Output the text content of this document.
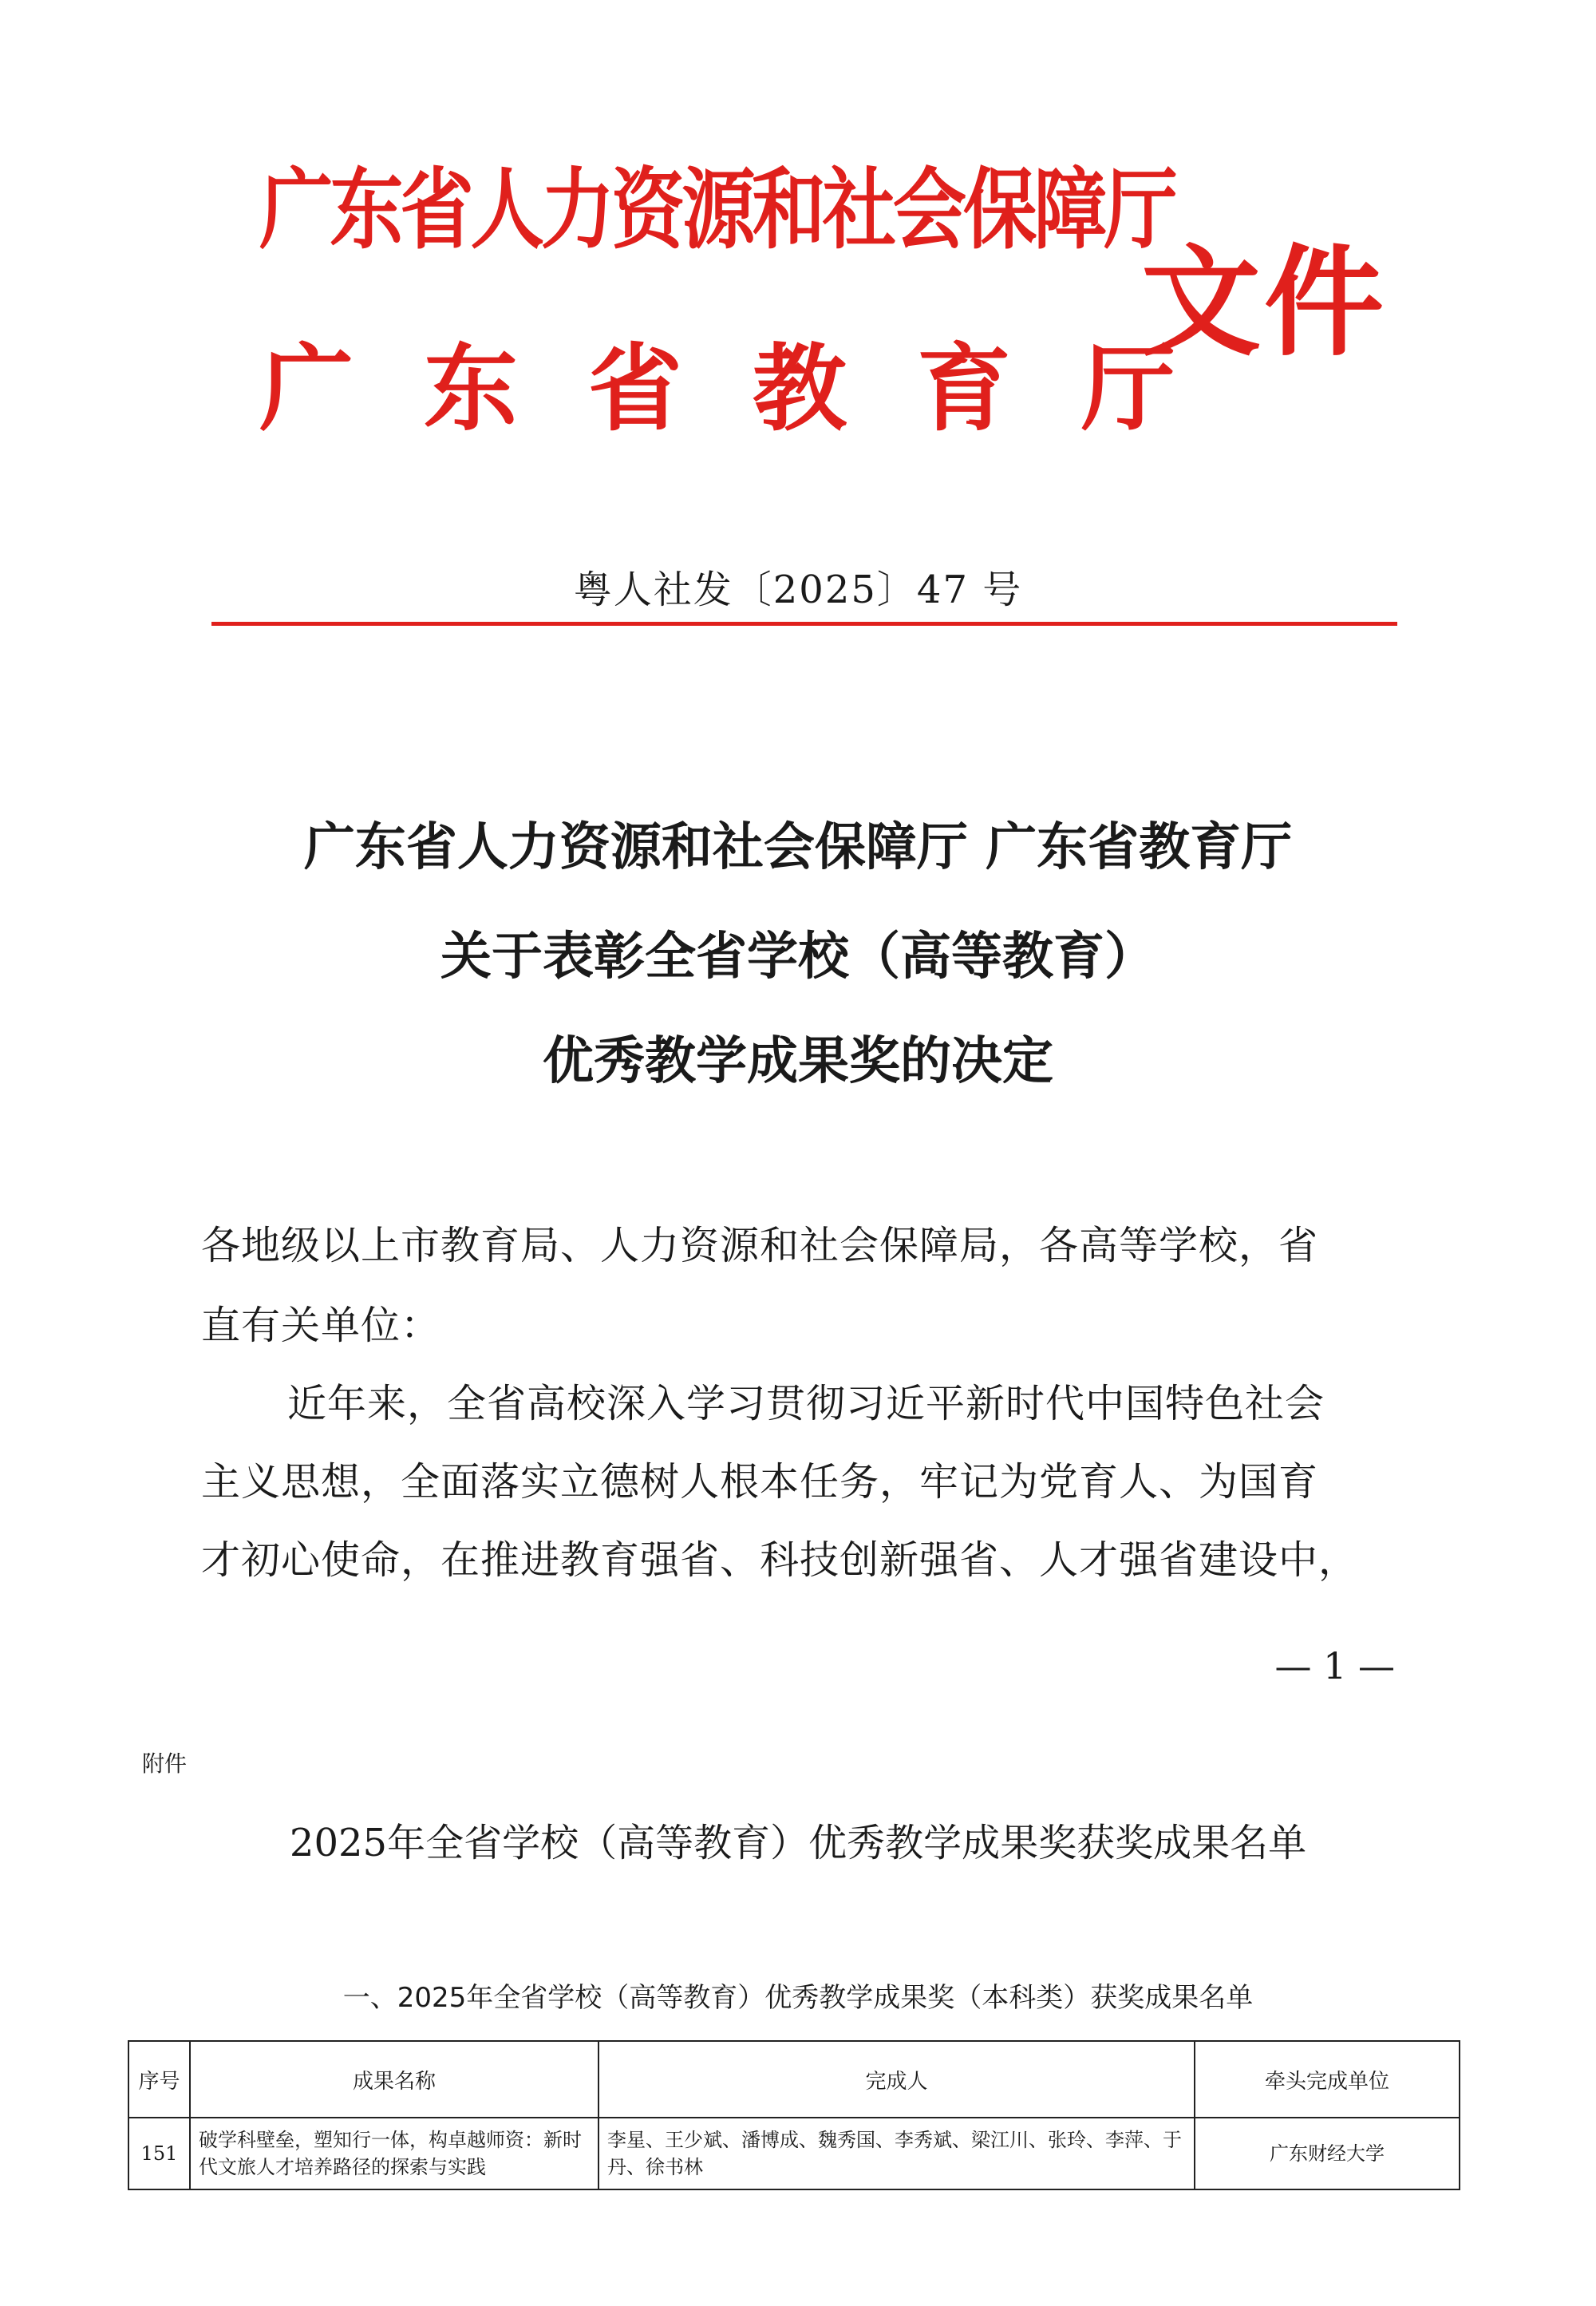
广东省人力资源和社会保障厅
广东省教育厅
文件
粤人社发〔2025〕47 号
广东省人力资源和社会保障厅 广东省教育厅
关于表彰全省学校（高等教育）
优秀教学成果奖的决定
各地级以上市教育局、人力资源和社会保障局，各高等学校，省
直有关单位：
近年来，全省高校深入学习贯彻习近平新时代中国特色社会
主义思想，全面落实立德树人根本任务，牢记为党育人、为国育
才初心使命，在推进教育强省、科技创新强省、人才强省建设中，
— 1 —
附件
2025年全省学校（高等教育）优秀教学成果奖获奖成果名单
一、2025年全省学校（高等教育）优秀教学成果奖（本科类）获奖成果名单
序号	成果名称	完成人	牵头完成单位
151	破学科壁垒，塑知行一体，构卓越师资：新时代文旅人才培养路径的探索与实践	李星、王少斌、潘博成、魏秀国、李秀斌、梁江川、张玲、李萍、于丹、徐书林	广东财经大学
